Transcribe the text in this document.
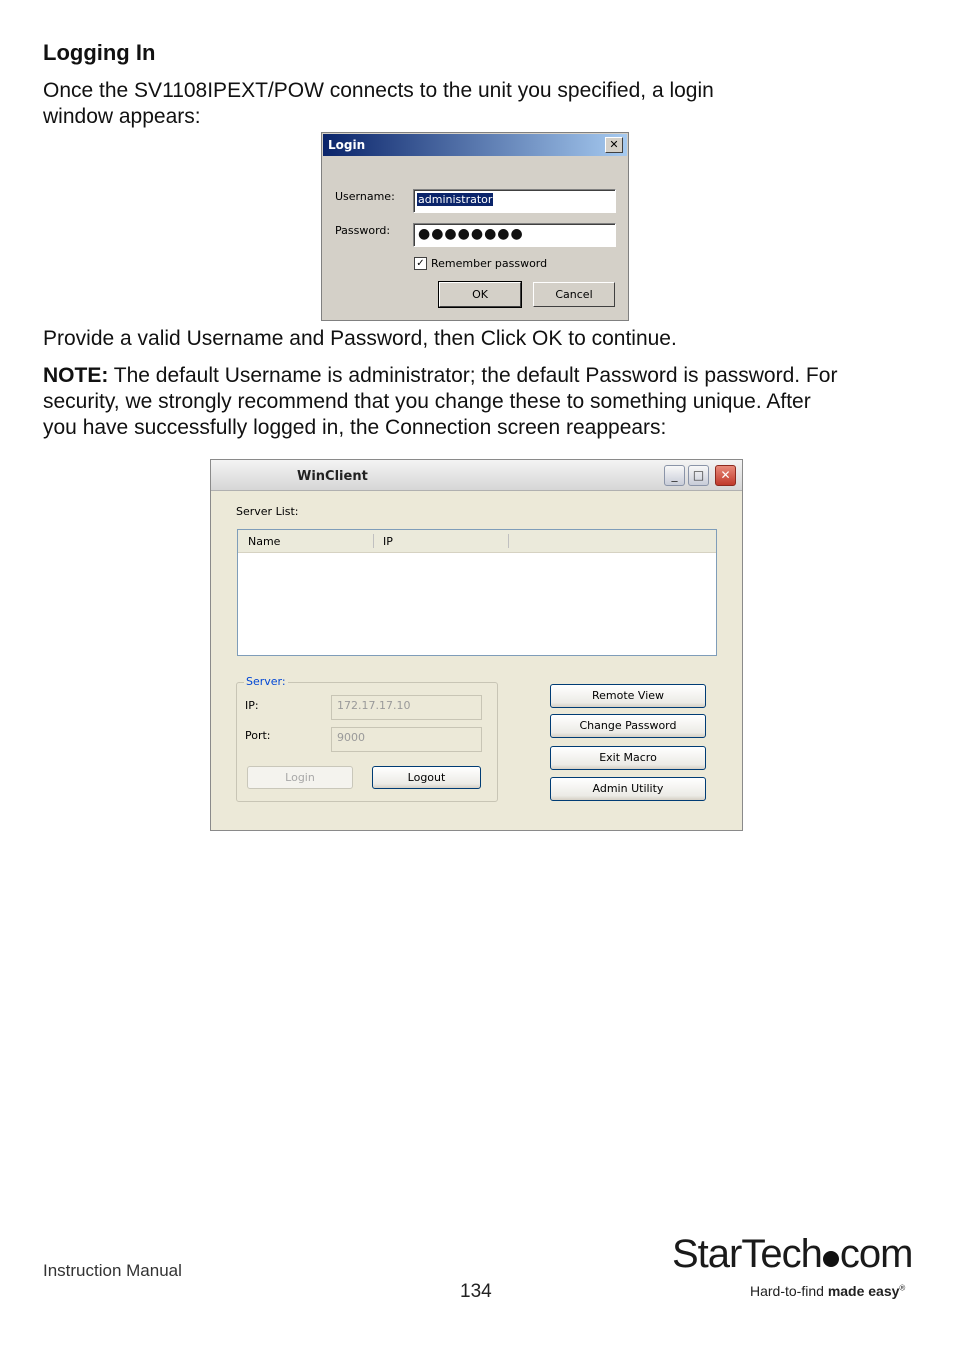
Logging In
Once the SV1108IPEXT/POW connects to the unit you specified, a login
window appears:
Login	✕
Username:	administrator
Password:	●●●●●●●●
✓ Remember password
OK	Cancel
Provide a valid Username and Password, then Click OK to continue.
NOTE: The default Username is administrator; the default Password is password. For
security, we strongly recommend that you change these to something unique. After
you have successfully logged in, the Connection screen reappears:
WinClient	_	□	✕
Server List:
Name	IP
Server:
IP:	172.17.17.10
Port:	9000
Login	Logout
Remote View
Change Password
Exit Macro
Admin Utility
Instruction Manual
134
StarTech com
Hard-to-find made easy®
